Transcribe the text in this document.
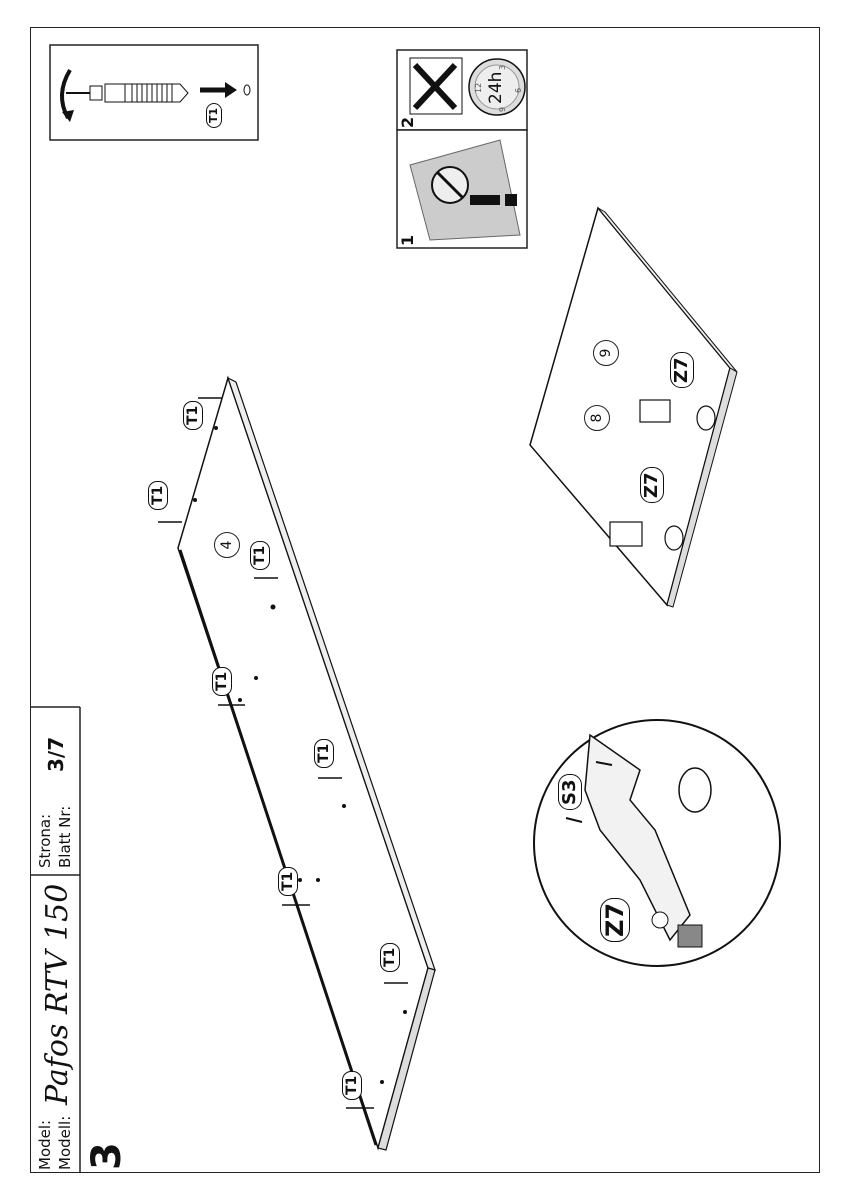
Model: Modell:
Pafos RTV 150
Strona: Blatt Nr:
3/7
3
T1
T1
T1
T1
T1
T1
T1
T1
T1
Z7
Z7
S3
Z7
4
8
9
2
1
24h
12
3
6
9
